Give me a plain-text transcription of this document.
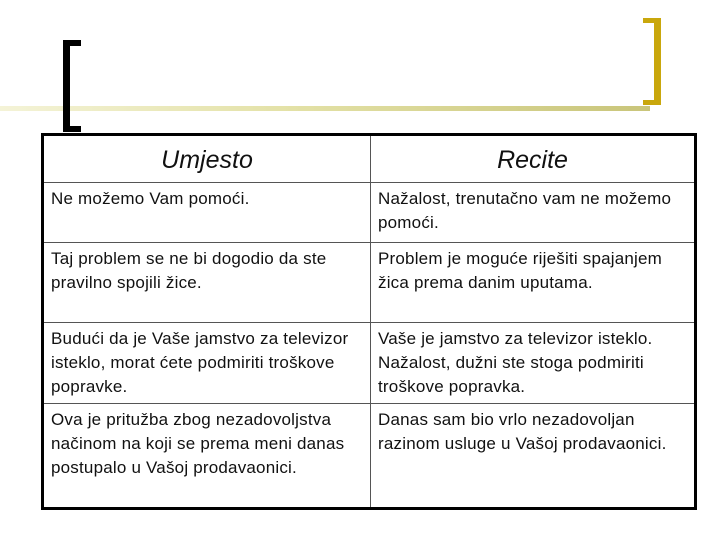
Umjesto	Recite
Ne možemo Vam pomoći.	Nažalost, trenutačno vam ne možemo pomoći.
Taj problem se ne bi dogodio da ste pravilno spojili žice.	Problem je moguće riješiti spajanjem žica prema danim uputama.
Budući da je Vaše jamstvo za televizor isteklo, morat ćete podmiriti troškove popravke.	Vaše je jamstvo za televizor isteklo. Nažalost, dužni ste stoga podmiriti troškove popravka.
Ova je pritužba zbog nezadovoljstva načinom na koji se prema meni danas postupalo u Vašoj prodavaonici.	Danas sam bio vrlo nezadovoljan razinom usluge u Vašoj prodavaonici.
